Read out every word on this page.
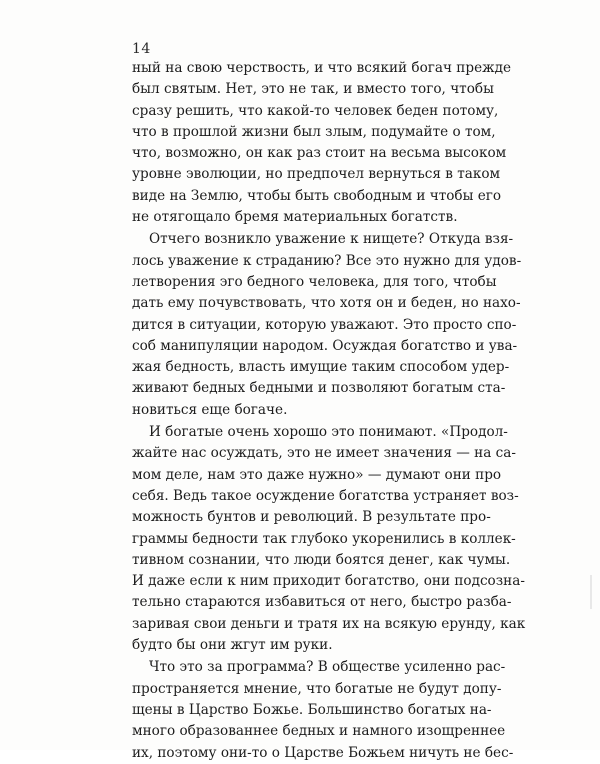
14
ный на свою черствость, и что всякий богач прежде
был святым. Нет, это не так, и вместо того, чтобы
сразу решить, что какой-то человек беден потому,
что в прошлой жизни был злым, подумайте о том,
что, возможно, он как раз стоит на весьма высоком
уровне эволюции, но предпочел вернуться в таком
виде на Землю, чтобы быть свободным и чтобы его
не отягощало бремя материальных богатств.
Отчего возникло уважение к нищете? Откуда взя-
лось уважение к страданию? Все это нужно для удов-
летворения эго бедного человека, для того, чтобы
дать ему почувствовать, что хотя он и беден, но нахо-
дится в ситуации, которую уважают. Это просто спо-
соб манипуляции народом. Осуждая богатство и ува-
жая бедность, власть имущие таким способом удер-
живают бедных бедными и позволяют богатым ста-
новиться еще богаче.
И богатые очень хорошо это понимают. «Продол-
жайте нас осуждать, это не имеет значения — на са-
мом деле, нам это даже нужно» — думают они про
себя. Ведь такое осуждение богатства устраняет воз-
можность бунтов и революций. В результате про-
граммы бедности так глубоко укоренились в коллек-
тивном сознании, что люди боятся денег, как чумы.
И даже если к ним приходит богатство, они подсозна-
тельно стараются избавиться от него, быстро разба-
заривая свои деньги и тратя их на всякую ерунду, как
будто бы они жгут им руки.
Что это за программа? В обществе усиленно рас-
пространяется мнение, что богатые не будут допу-
щены в Царство Божье. Большинство богатых на-
много образованнее бедных и намного изощреннее
их, поэтому они-то о Царстве Божьем ничуть не бес-
